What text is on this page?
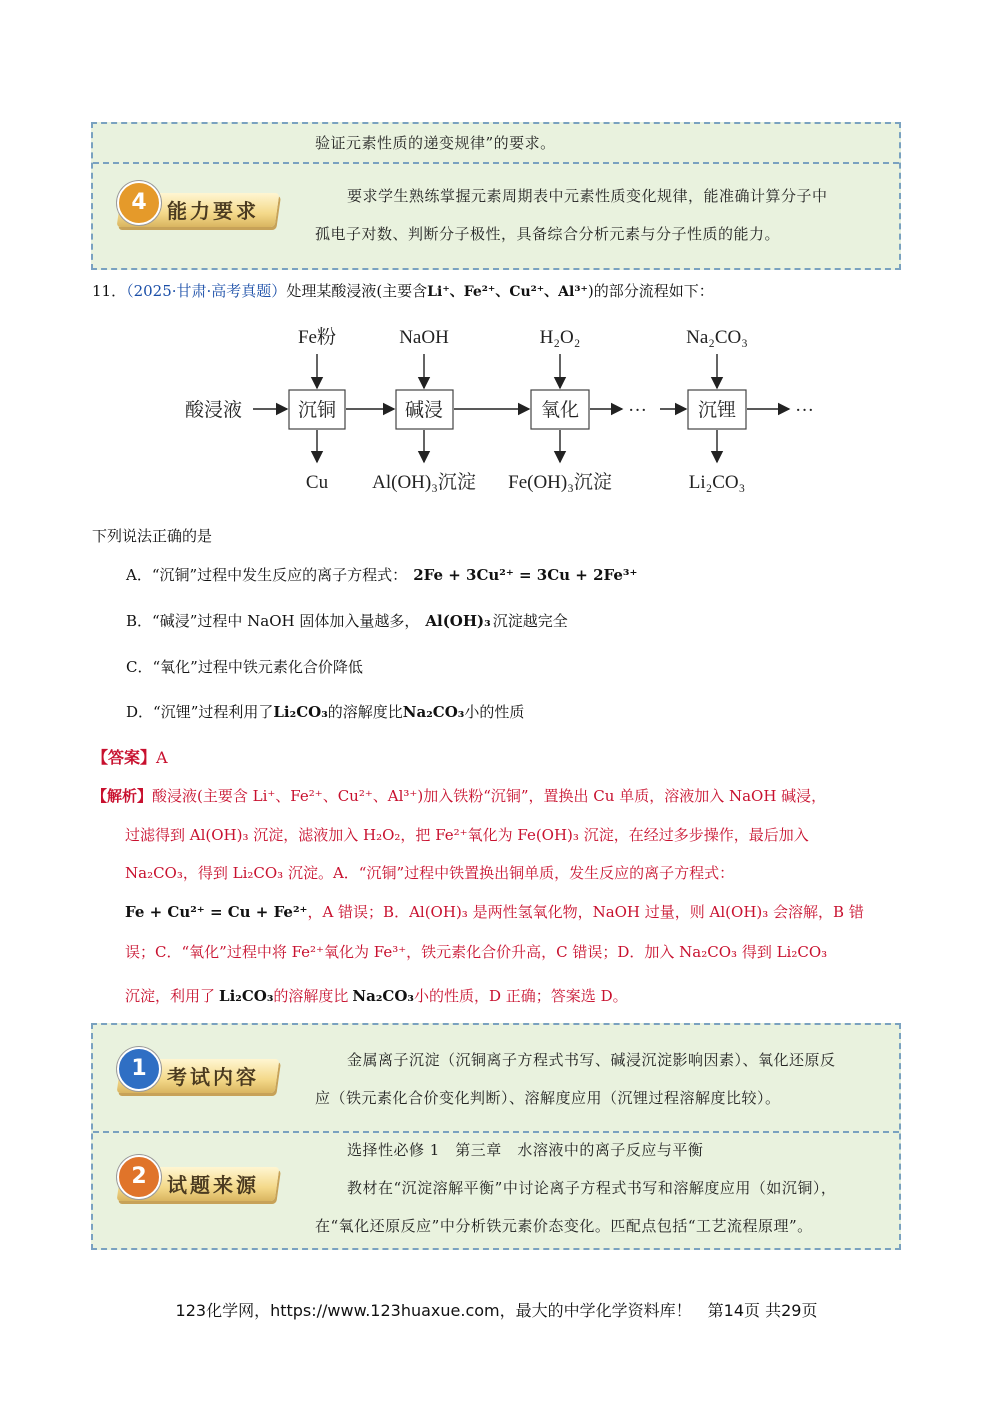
验证元素性质的递变规律”的要求。
4	能力要求
要求学生熟练掌握元素周期表中元素性质变化规律，能准确计算分子中
孤电子对数、判断分子极性，具备综合分析元素与分子性质的能力。
11．（2025·甘肃·高考真题）处理某酸浸液(主要含Li⁺、Fe²⁺、Cu²⁺、Al³⁺)的部分流程如下：
酸浸液	沉铜
Fe粉
Cu
碱浸
NaOH
Al(OH)₃沉淀
氧化
H₂O₂
Fe(OH)₃沉淀
···	沉锂
Na₂CO₃
Li₂CO₃
···
下列说法正确的是
A．“沉铜”过程中发生反应的离子方程式： 2Fe + 3Cu²⁺ = 3Cu + 2Fe³⁺
B．“碱浸”过程中 NaOH 固体加入量越多， Al(OH)₃ 沉淀越完全
C．“氧化”过程中铁元素化合价降低
D．“沉锂”过程利用了Li₂CO₃的溶解度比Na₂CO₃小的性质
【答案】A
【解析】酸浸液(主要含 Li⁺、Fe²⁺、Cu²⁺、Al³⁺)加入铁粉“沉铜”，置换出 Cu 单质，溶液加入 NaOH 碱浸，
过滤得到 Al(OH)₃ 沉淀，滤液加入 H₂O₂，把 Fe²⁺氧化为 Fe(OH)₃ 沉淀，在经过多步操作，最后加入
Na₂CO₃，得到 Li₂CO₃ 沉淀。A．“沉铜”过程中铁置换出铜单质，发生反应的离子方程式：
Fe + Cu²⁺ = Cu + Fe²⁺，A 错误；B．Al(OH)₃ 是两性氢氧化物，NaOH 过量，则 Al(OH)₃ 会溶解，B 错
误；C．“氧化”过程中将 Fe²⁺氧化为 Fe³⁺，铁元素化合价升高，C 错误；D．加入 Na₂CO₃ 得到 Li₂CO₃
沉淀，利用了 Li₂CO₃的溶解度比 Na₂CO₃小的性质，D 正确；答案选 D。
1	考试内容
金属离子沉淀（沉铜离子方程式书写、碱浸沉淀影响因素）、氧化还原反
应（铁元素化合价变化判断）、溶解度应用（沉锂过程溶解度比较）。
2	试题来源
选择性必修 1　第三章　水溶液中的离子反应与平衡
教材在“沉淀溶解平衡”中讨论离子方程式书写和溶解度应用（如沉铜），
在“氧化还原反应”中分析铁元素价态变化。匹配点包括“工艺流程原理”。
123化学网，https://www.123huaxue.com，最大的中学化学资料库！　第14页 共29页
